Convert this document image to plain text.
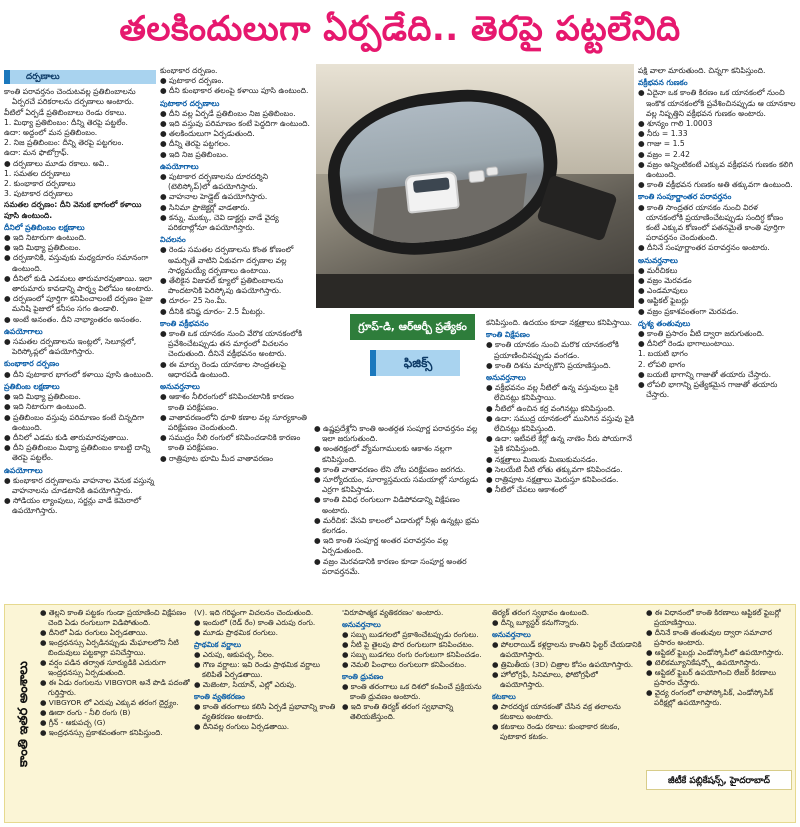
తలకిందులుగా ఏర్పడేది.. తెరపై పట్టలేనిది
దర్పణాలు
కాంతి పరావర్తనం చెందుటవల్ల ప్రతిబింబాలను ఏర్పరచే పరికరాలను దర్పణాలు అంటారు.
వీటిలో ఏర్పడే ప్రతిబింబాలు రెండు రకాలు.
1. మిథ్యా ప్రతిబింబం: దీన్ని తెరపై పట్టలేం.
ఉదా: అద్దంలో మన ప్రతిబింబం.
2. నిజ ప్రతిబింబం: దీన్ని తెరపై పట్టగలం.
ఉదా: మన ఫొటోగ్రాఫ్.
● దర్పణాలు మూడు రకాలు. అవి..
1. సమతల దర్పణాలు
2. కుంభాకార దర్పణాలు
3. పుటాకార దర్పణాలు
సమతల దర్పణం: దీని వెనుక భాగంలో కళాయి పూసి ఉంటుంది.
దీనిలో ప్రతిబింబం లక్షణాలు
● ఇది నిటారుగా ఉంటుంది.
● ఇది మిథ్యా ప్రతిబింబం.
● దర్పణానికి, వస్తువుకు మధ్యదూరం సమానంగా ఉంటుంది.
● దీనిలో కుడి ఎడమలు తారుమారవుతాయి. ఇలా తారుమారు కావడాన్ని పార్శ్వ విలోమం అంటారు.
● దర్పణంలో పూర్తిగా కనిపించాలంటే దర్పణం పైజు మనిషి పైజులో కనీసం సగం ఉండాలి.
● అంటే అనంతం. దీని నాభ్యాంతరం అనంతం.
ఉపయోగాలు
● సమతల దర్పణాలను ఇంట్లలో, సెలూన్లలో, పెరిస్కోప్లలో ఉపయోగిస్తారు.
కుంభాకార దర్పణం
● దీని పుటాకార భాగంలో కళాయి పూసి ఉంటుంది.
ప్రతిబింబ లక్షణాలు
● ఇది మిథ్యా ప్రతిబింబం.
● ఇది నిటారుగా ఉంటుంది.
● ప్రతిబింబం వస్తువు పరిమాణం కంటే చిన్నదిగా ఉంటుంది.
● దీనిలో ఎడమ కుడి తారుమారవుతాయి.
● దీని ప్రతిబింబం మిథ్యా ప్రతిబింబం కాబట్టి దాన్ని తెరపై పట్టలేం.
ఉపయోగాలు
● కుంభాకార దర్పణాలను వాహనాల వెనుక వస్తున్న వాహనాలను చూడటానికి ఉపయోగిస్తారు.
● సోడియం ల్యాంపులు, సర్జన్లు వాడే కెమెరాలో ఉపయోగిస్తారు.
కుంభాకార దర్పణం.
● పుటాకార దర్పణం.
● దీని కుంభాకార తలంపై కళాయి పూసి ఉంటుంది.
పుటాకార దర్పణాలు
● దీని వల్ల ఏర్పడే ప్రతిబింబం నిజ ప్రతిబింబం.
● ఇది వస్తువు పరిమాణం కంటే పెద్దదిగా ఉంటుంది.
● తలకిందులుగా ఏర్పడుతుంది.
● దీన్ని తెరపై పట్టగలం.
● ఇది నిజ ప్రతిబింబం.
ఉపయోగాలు
● పుటాకార దర్పణాలను దూరదర్శిని (టెలిస్కోప్)లో ఉపయోగిస్తారు.
● వాహనాల హెడ్లైట్ ఉపయోగిస్తారు.
● సినిమా ప్రొజెక్టర్లో వాడతారు.
● కన్ను, ముక్కు, చెవి డాక్టర్లు వాడే వైద్య పరికరాల్లోనూ ఉపయోగిస్తారు.
విచలనం
● రెండు సమతల దర్పణాలను కొంత కోణంలో అమర్చితే వాటిని ఏకువగా దర్పణాల వల్ల సాధ్యమయ్యే దర్పణాలు ఉంటాయి.
● తేలికైన విజువల్ క్యూలో ప్రతిబింబాలను పొందటానికి పెరిస్కోపు ఉపయోగిస్తారు.
● దూరం- 25 సెం.మీ.
● దీనికి కనిష్ఠ దూరం- 2.5 మీటర్లు.
కాంతి వక్రీభవనం
● కాంతి ఒక యానకం నుంచి వేరొక యానకంలోకి ప్రవేశించేటప్పుడు తన మార్గంలో విచలనం చెందుతుంది. దీనినే వక్రీభవనం అంటారు.
● ఈ మార్పు రెండు యానకాల సాంద్రతలపై ఆధారపడి ఉంటుంది.
అనువర్తనాలు
● ఆకాశం నీలిరంగులో కనిపించటానికి కారణం కాంతి పరిక్షేపణం.
● వాతావరణంలోని ధూళి కణాల వల్ల సూర్యకాంతి పరిక్షేపణం చెందుతుంది.
● సముద్రం నీలి రంగులో కనిపించడానికి కారణం కాంతి పరిక్షేపణం.
● రాత్రిపూట భూమి మీద వాతావరణం
గ్రూప్-డి, ఆర్ఆర్బీ ప్రత్యేకం
ఫిజిక్స్
● ఉష్ణప్రదేశ్లోని కాంతి అంతర్గత సంపూర్ణ పరావర్తనం వల్ల ఇలా జరుగుతుంది.
● అంతరిక్షంలో వ్యోమగాములకు ఆకాశం నల్లగా కనిపిస్తుంది.
● కాంతి వాతావరణం లేని చోట పరిక్షేపణం జరగదు.
● సూర్యోదయం, సూర్యాస్తమయ సమయాల్లో సూర్యుడు ఎర్రగా కనిపిస్తాడు.
● కాంతి వివిధ రంగులుగా విడిపోవడాన్ని విక్షేపణం అంటారు.
● మరీచిక: వేసవి కాలంలో ఎడారుల్లో నీళ్లు ఉన్నట్లు భ్రమ కలగడం.
● ఇది కాంతి సంపూర్ణ అంతర పరావర్తనం వల్ల ఏర్పడుతుంది.
● వజ్రం మెరవడానికి కారణం కూడా సంపూర్ణ అంతర పరావర్తనమే.
కనిపిస్తుంది. ఉదయం కూడా నక్షత్రాలు కనిపిస్తాయి.
కాంతి విక్షేపణం
● కాంతి యానకం నుంచి మరొక యానకంలోకి ప్రయాణించినప్పుడు వంగడం.
● కాంతి దిశను మార్చుకొని ప్రయాణిస్తుంది.
అనువర్తనాలు
● వక్రీభవనం వల్ల నీటిలో ఉన్న వస్తువులు పైకి లేచినట్లు కనిపిస్తాయి.
● నీటిలో ఉంచిన కర్ర వంగినట్లు కనిపిస్తుంది.
● ఉదా: సముద్ర యానకంలో మునిగిన వస్తువు పైకి లేచినట్లు కనిపిస్తుంది.
● ఉదా: ఇటీవలే కేర్లో ఉన్న నాణెం నీరు పోయగానే పైకి కనిపిస్తుంది.
● నక్షత్రాలు మిణుకు మిణుకుమనడం.
● సెలయేటి నీటి లోతు తక్కువగా కనిపించడం.
● రాత్రిపూట నక్షత్రాలు మెరుస్తూ కనిపించడం.
● నీటిలో చేపలు ఆకాశంలో
పక్షి వాలా మారుతుంది. చిన్నగా కనిపిస్తుంది.
వక్రీభవన గుణకం
● ఏదైనా ఒక కాంతి కిరణం ఒక యానకంలో నుంచి ఇంకొక యానకంలోకి ప్రవేశించినప్పుడు ఆ యానకాల వల్ల నిష్పత్తిని వక్రీభవన గుణకం అంటారు.
● శూన్యం గాలి 1.0003
● నీరు = 1.33
● గాజు = 1.5
● వజ్రం = 2.42
● వజ్రం అన్నింటికంటే ఎక్కువ వక్రీభవన గుణకం కలిగి ఉంటుంది.
● కాంతి వక్రీభవన గుణకం అతి తక్కువగా ఉంటుంది.
కాంతి సంపూర్ణాంతర పరావర్తనం
● కాంతి సాంద్రతర యానకం నుంచి విరళ యానకంలోకి ప్రయాణించేటప్పుడు సందిగ్ధ కోణం కంటే ఎక్కువ కోణంలో పతనమైతే కాంతి పూర్తిగా పరావర్తనం చెందుతుంది.
● దీనినే సంపూర్ణాంతర పరావర్తనం అంటారు.
అనువర్తనాలు
● మరీచికలు
● వజ్రం మెరవడం
● ఎండమావులు
● ఆప్టికల్ ఫైబర్లు
● వజ్రం ప్రకాశవంతంగా మెరవడం.
దృశ్య తంతువులు
● కాంతి ప్రసారం వీటి ద్వారా జరుగుతుంది.
● దీనిలో రెండు భాగాలుంటాయి.
1. బయటి భాగం
2. లోపలి భాగం
● బయటి భాగాన్ని గాజుతో తయారు చేస్తారు.
● లోపలి భాగాన్ని ప్రత్యేకమైన గాజుతో తయారు చేస్తారు.
కాంతి ఇతర అంశాలు
● తెల్లని కాంతి పట్టకం గుండా ప్రయాణించి విక్షేపణం చెంది ఏడు రంగులుగా విడిపోతుంది.
● దీనిలో ఏడు రంగులు ఏర్పడతాయి.
● ఇంద్రధనస్సు ఏర్పడినప్పుడు మేఘాలలోని నీటి బిందువులు పట్టకాల్లా పనిచేస్తాయి.
● వర్షం పడిన తర్వాత సూర్యుడికి ఎదురుగా ఇంద్రధనస్సు ఏర్పడుతుంది.
● ఈ ఏడు రంగులను VIBGYOR అనే పొడి పదంతో గుర్తిస్తారు.
● VIBGYOR లో ఎరుపు ఎక్కువ తరంగ దైర్ఘ్యం.
● ఊదా రంగు - నీలి రంగు (B)
● గ్రీన్ - ఆకుపచ్చ (G)
● ఇంద్రధనస్సు ప్రకాశవంతంగా కనిపిస్తుంది.
(V). ఇది గరిష్ఠంగా విచలనం చెందుతుంది.
● ఇందులో (రెడ్ రేం) కాంతి ఎరుపు రంగు.
● మూడు ప్రాథమిక రంగులు.
ప్రాథమిక వర్ణాలు
● ఎరుపు, ఆకుపచ్చ, నీలం.
● గౌణ వర్ణాలు: ఇవి రెండు ప్రాథమిక వర్ణాలు కలిపితే ఏర్పడతాయి.
● మెజెంటా, సియాన్, ఎల్లో ఎరుపు.
కాంతి వ్యతికరణం
● కాంతి తరంగాలు కలిసి ఏర్పడే ప్రభావాన్ని కాంతి వ్యతికరణం అంటారు.
● దీనివల్ల రంగులు ఏర్పడతాయి.
'విరూపాత్మక వ్యతికరణం' అంటారు.
అనువర్తనాలు
● సబ్బు బుడగలలో ప్రకాశించేటప్పుడు రంగులు.
● నీటి పై తైలపు పొర రంగులుగా కనిపించటం.
● సబ్బు బుడగలు రంగు రంగులుగా కనిపించడం.
● నెమలి పింఛాలు రంగులుగా కనిపించటం.
కాంతి ధ్రువణం
● కాంతి తరంగాలు ఒక దిశలో కంపించే ప్రక్రియను కాంతి ధ్రువణం అంటారు.
● ఇది కాంతి తిర్యక్ తరంగ స్వభావాన్ని తెలియజేస్తుంది.
తిర్యక్ తరంగ స్వభావం ఉంటుంది.
● దీన్ని బ్యూస్టర్ కనుగొన్నారు.
అనువర్తనాలు
● పోలరాయిడ్ కళ్లద్దాలను కాంతిని ఫిల్టర్ చేయడానికి ఉపయోగిస్తారు.
● త్రిమితీయ (3D) చిత్రాల కోసం ఉపయోగిస్తారు.
● హోలోగ్రఫీ, సినిమాలు, ఫోటోగ్రఫీలో ఉపయోగిస్తారు.
కటకాలు
● పారదర్శక యానకంతో చేసిన వక్ర తలాలను కటకాలు అంటారు.
● కటకాలు రెండు రకాలు: కుంభాకార కటకం, పుటాకార కటకం.
● ఈ విధానంలో కాంతి కిరణాలు ఆప్టికల్ ఫైబర్లో ప్రయాణిస్తాయి.
● దీనినే కాంతి తంతువుల ద్వారా సమాచార ప్రసారం అంటారు.
● ఆప్టికల్ ఫైబర్లు ఎండోస్కోపీలో ఉపయోగిస్తారు.
● టెలికమ్యూనికేషన్స్లో ఉపయోగిస్తారు.
● ఆప్టికల్ ఫైబర్ ఉపయోగించి లేజర్ కిరణాలు ప్రసారం చేస్తారు.
● వైద్య రంగంలో లాపోస్కోపిక్, ఎండోస్కోపిక్ పరీక్షల్లో ఉపయోగిస్తారు.
జీటీకే పబ్లికేషన్స్, హైదరాబాద్
